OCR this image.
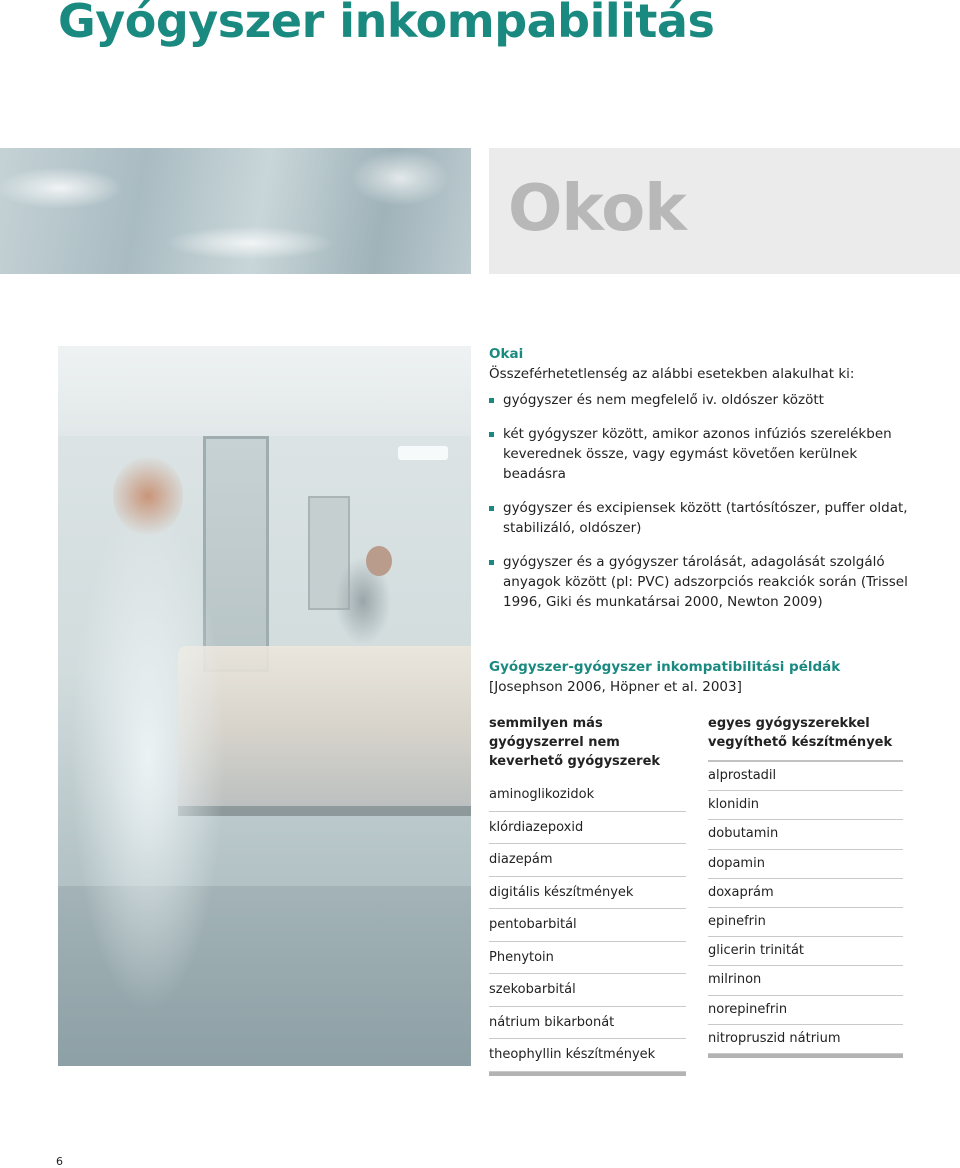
Gyógyszer inkompabilitás
Okok

Okai

Összeférhetetlenség az alábbi esetekben alakulhat ki:

gyógyszer és nem megfelelő iv. oldószer között
két gyógyszer között, amikor azonos infúziós szerelékben keverednek össze, vagy egymást követően kerülnek beadásra
gyógyszer és excipiensek között (tartósítószer, puffer oldat, stabilizáló, oldószer)
gyógyszer és a gyógyszer tárolását, adagolását szolgáló anyagok között (pl: PVC) adszorpciós reakciók során (Trissel 1996, Giki és munkatársai 2000, Newton 2009)

Gyógyszer-gyógyszer inkompatibilitási példák

[Josephson 2006, Höpner et al. 2003]

semmilyen más gyógyszerrel nem keverhető gyógyszerek
aminoglikozidok
klórdiazepoxid
diazepám
digitális készítmények
pentobarbitál
Phenytoin
szekobarbitál
nátrium bikarbonát
theophyllin készítmények
egyes gyógyszerekkel vegyíthető készítmények
alprostadil
klonidin
dobutamin
dopamin
doxaprám
epinefrin
glicerin trinitát
milrinon
norepinefrin
nitropruszid nátrium

6
